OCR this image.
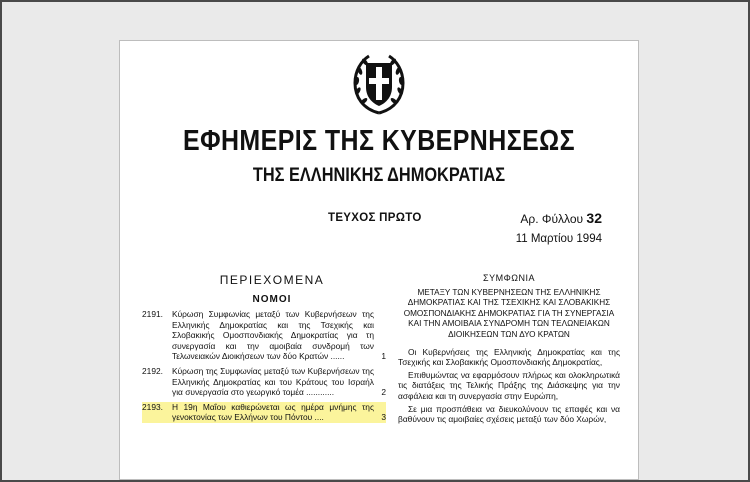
ΕΦΗΜΕΡΙΣ ΤΗΣ ΚΥΒΕΡΝΗΣΕΩΣ
ΤΗΣ ΕΛΛΗΝΙΚΗΣ ΔΗΜΟΚΡΑΤΙΑΣ
ΤΕΥΧΟΣ ΠΡΩΤΟ	Αρ. Φύλλου 32
11 Μαρτίου 1994
ΠΕΡΙΕΧΟΜΕΝΑ
ΝΟΜΟΙ
2191.	Κύρωση Συμφωνίας μεταξύ των Κυβερνήσεων της Ελληνικής Δημοκρατίας και της Τσεχικής και Σλοβακικής Ομοσπονδιακής Δημοκρατίας για τη συνεργασία και την αμοιβαία συνδρομή των Τελωνειακών Διοικήσεων των δύο Κρατών ......	1
2192.	Κύρωση της Συμφωνίας μεταξύ των Κυβερνήσεων της Ελληνικής Δημοκρατίας και του Κράτους του Ισραήλ για συνεργασία στο γεωργικό τομέα ............	2
2193.	Η 19η Μαΐου καθιερώνεται ως ημέρα μνήμης της γενοκτονίας των Ελλήνων του Πόντου ....	3
ΣΥΜΦΩΝΙΑ
ΜΕΤΑΞΥ ΤΩΝ ΚΥΒΕΡΝΗΣΕΩΝ ΤΗΣ ΕΛΛΗΝΙΚΗΣ ΔΗΜΟΚΡΑΤΙΑΣ ΚΑΙ ΤΗΣ ΤΣΕΧΙΚΗΣ ΚΑΙ ΣΛΟΒΑΚΙΚΗΣ ΟΜΟΣΠΟΝΔΙΑΚΗΣ ΔΗΜΟΚΡΑΤΙΑΣ ΓΙΑ ΤΗ ΣΥΝΕΡΓΑΣΙΑ ΚΑΙ ΤΗΝ ΑΜΟΙΒΑΙΑ ΣΥΝΔΡΟΜΗ ΤΩΝ ΤΕΛΩΝΕΙΑΚΩΝ ΔΙΟΙΚΗΣΕΩΝ ΤΩΝ ΔΥΟ ΚΡΑΤΩΝ

Οι Κυβερνήσεις της Ελληνικής Δημοκρατίας και της Τσεχικής και Σλοβακικής Ομοσπονδιακής Δημοκρατίας,

Επιθυμώντας να εφαρμόσουν πλήρως και ολοκληρωτικά τις διατάξεις της Τελικής Πράξης της Διάσκεψης για την ασφάλεια και τη συνεργασία στην Ευρώπη,

Σε μια προσπάθεια να διευκολύνουν τις επαφές και να βαθύνουν τις αμοιβαίες σχέσεις μεταξύ των δύο Χωρών,
